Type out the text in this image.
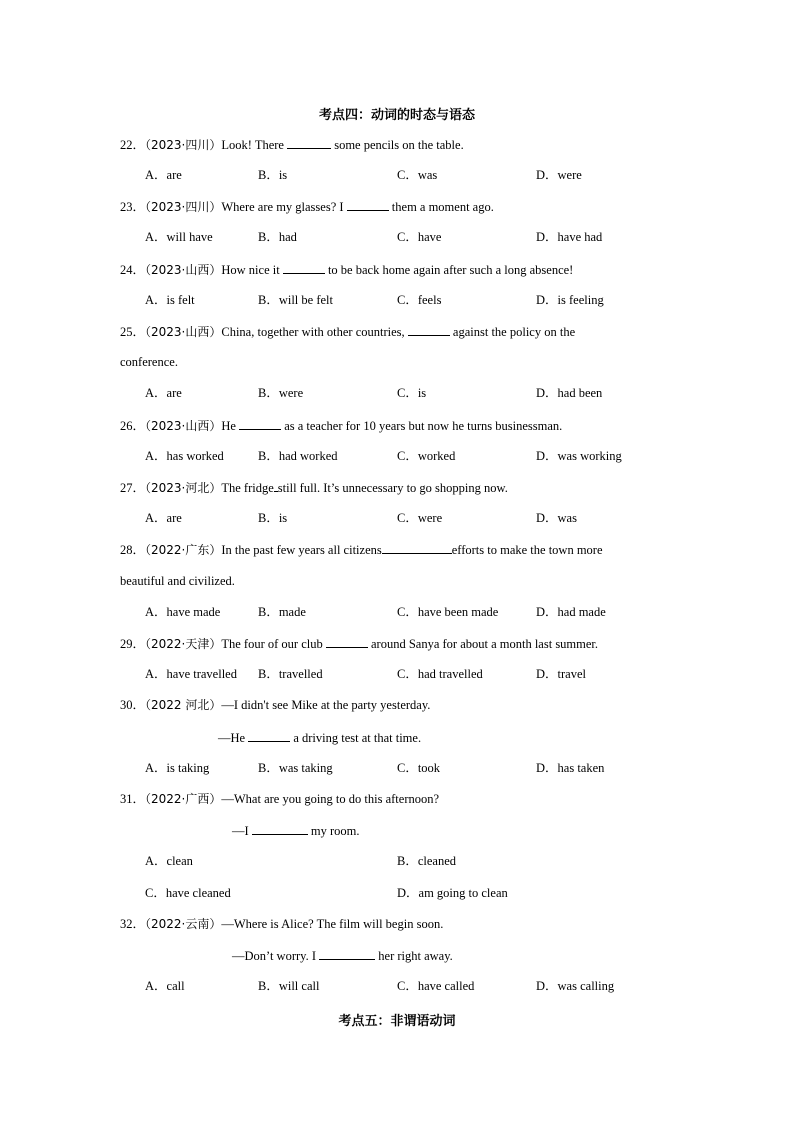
考点四：动词的时态与语态
22．（2023·四川）Look! There	some pencils on the table.
A．are	B．is	C．was	D．were
23．（2023·四川）Where are my glasses? I	them a moment ago.
A．will have	B．had	C．have	D．have had
24．（2023·山西）How nice it	to be back home again after such a long absence!
A．is felt	B．will be felt	C．feels	D．is feeling
25．（2023·山西）China, together with other countries,	against the policy on the
conference.
A．are	B．were	C．is	D．had been
26．（2023·山西）He	as a teacher for 10 years but now he turns businessman.
A．has worked	B．had worked	C．worked	D．was working
27．（2023·河北）The fridge still full. It’s unnecessary to go shopping now.
A．are	B．is	C．were	D．was
28．（2022·广东）In the past few years all citizens	efforts to make the town more
beautiful and civilized.
A．have made	B．made	C．have been made	D．had made
29．（2022·天津）The four of our club	around Sanya for about a month last summer.
A．have travelled B．travelled	C．had travelled	D．travel
30．（2022 河北）—I didn't see Mike at the party yesterday.
—He	a driving test at that time.
A．is taking	B．was taking	C．took	D．has taken
31．（2022·广西）—What are you going to do this afternoon?
—I	my room.
A．clean	B．cleaned
C．have cleaned	D．am going to clean
32．（2022·云南）—Where is Alice? The film will begin soon.
—Don’t worry. I	her right away.
A．call	B．will call	C．have called	D．was calling
考点五：非谓语动词
